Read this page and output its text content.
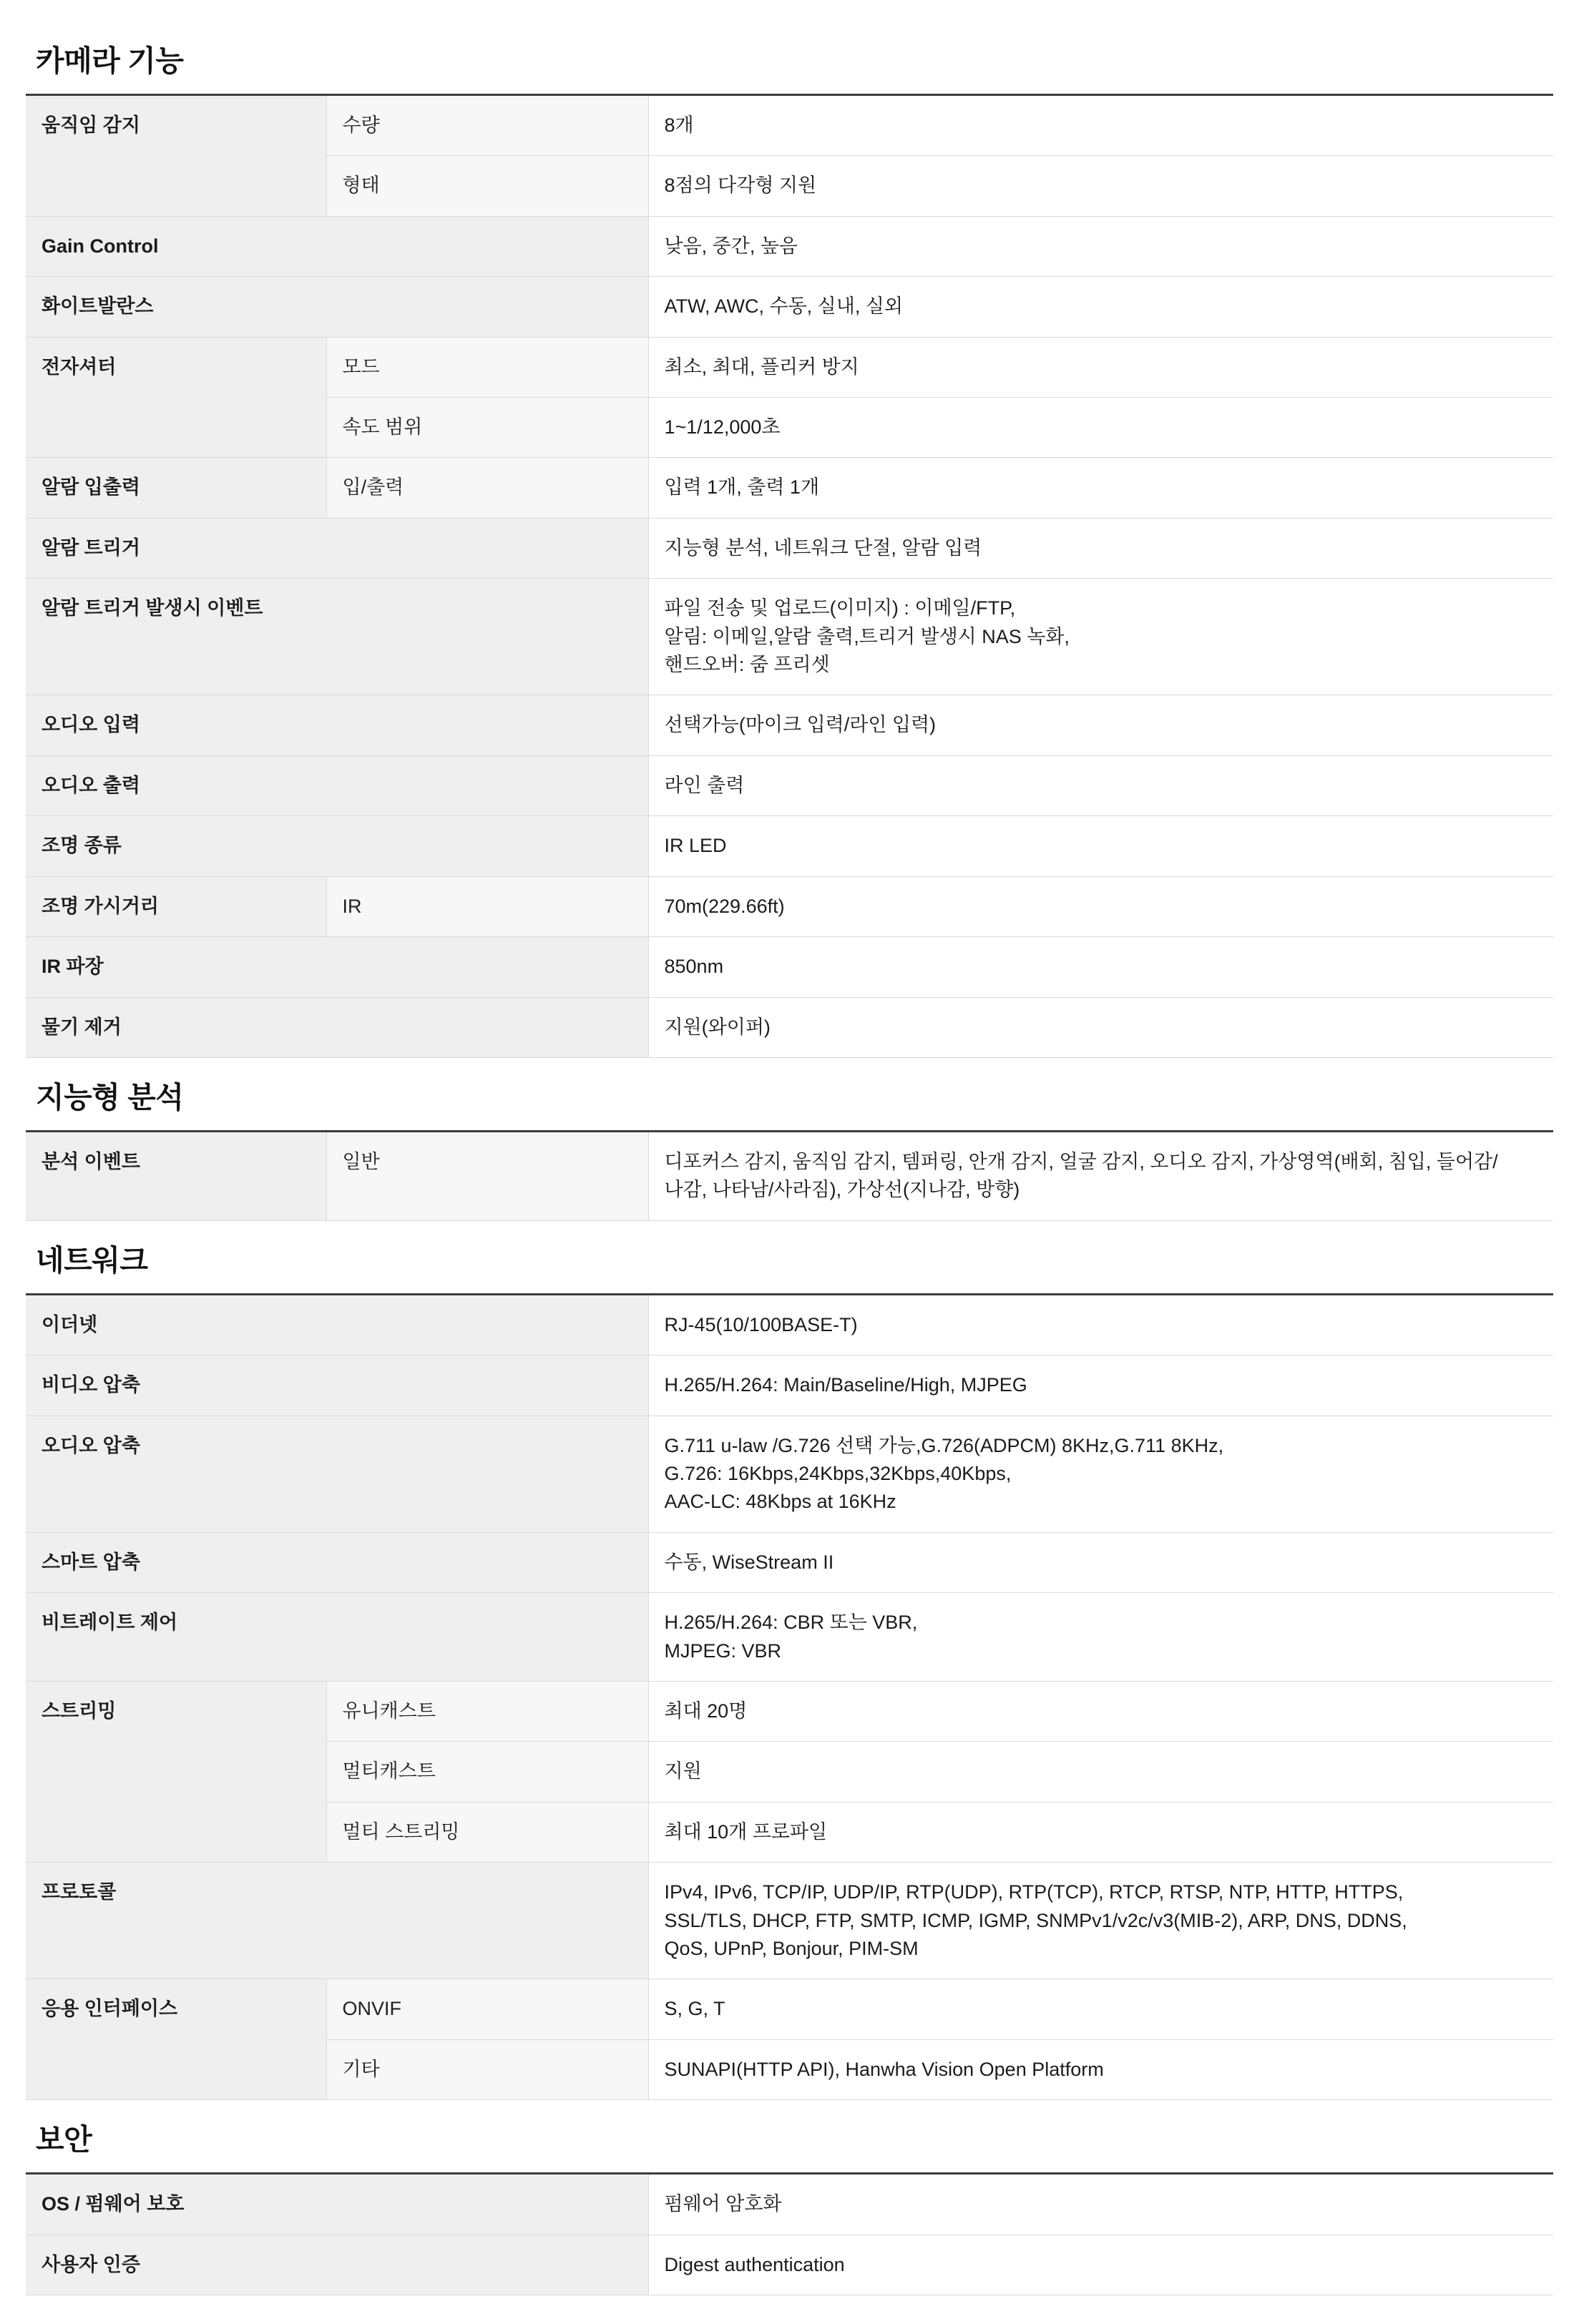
카메라 기능
움직임 감지	수량	8개

	형태	8점의 다각형 지원

Gain Control		낮음, 중간, 높음

화이트발란스		ATW, AWC, 수동, 실내, 실외

전자셔터	모드	최소, 최대, 플리커 방지

	속도 범위	1~1/12,000초

알람 입출력	입/출력	입력 1개, 출력 1개

알람 트리거		지능형 분석, 네트워크 단절, 알람 입력

알람 트리거 발생시 이벤트		파일 전송 및 업로드(이미지) : 이메일/FTP,
알림: 이메일,알람 출력,트리거 발생시 NAS 녹화,
핸드오버: 줌 프리셋

오디오 입력		선택가능(마이크 입력/라인 입력)

오디오 출력		라인 출력

조명 종류		IR LED

조명 가시거리	IR	70m(229.66ft)

IR 파장		850nm

물기 제거		지원(와이퍼)
지능형 분석
분석 이벤트	일반	디포커스 감지, 움직임 감지, 템퍼링, 안개 감지, 얼굴 감지, 오디오 감지, 가상영역(배회, 침입, 들어감/
나감, 나타남/사라짐), 가상선(지나감, 방향)
네트워크
이더넷		RJ-45(10/100BASE-T)

비디오 압축		H.265/H.264: Main/Baseline/High, MJPEG

오디오 압축		G.711 u-law /G.726 선택 가능,G.726(ADPCM) 8KHz,G.711 8KHz,
G.726: 16Kbps,24Kbps,32Kbps,40Kbps,
AAC-LC: 48Kbps at 16KHz

스마트 압축		수동, WiseStream II

비트레이트 제어		H.265/H.264: CBR 또는 VBR,
MJPEG: VBR

스트리밍	유니캐스트	최대 20명

	멀티캐스트	지원

	멀티 스트리밍	최대 10개 프로파일

프로토콜		IPv4, IPv6, TCP/IP, UDP/IP, RTP(UDP), RTP(TCP), RTCP, RTSP, NTP, HTTP, HTTPS,
SSL/TLS, DHCP, FTP, SMTP, ICMP, IGMP, SNMPv1/v2c/v3(MIB-2), ARP, DNS, DDNS,
QoS, UPnP, Bonjour, PIM-SM

응용 인터페이스	ONVIF	S, G, T

	기타	SUNAPI(HTTP API), Hanwha Vision Open Platform
보안
OS / 펌웨어 보호	펌웨어 암호화

사용자 인증	Digest authentication
